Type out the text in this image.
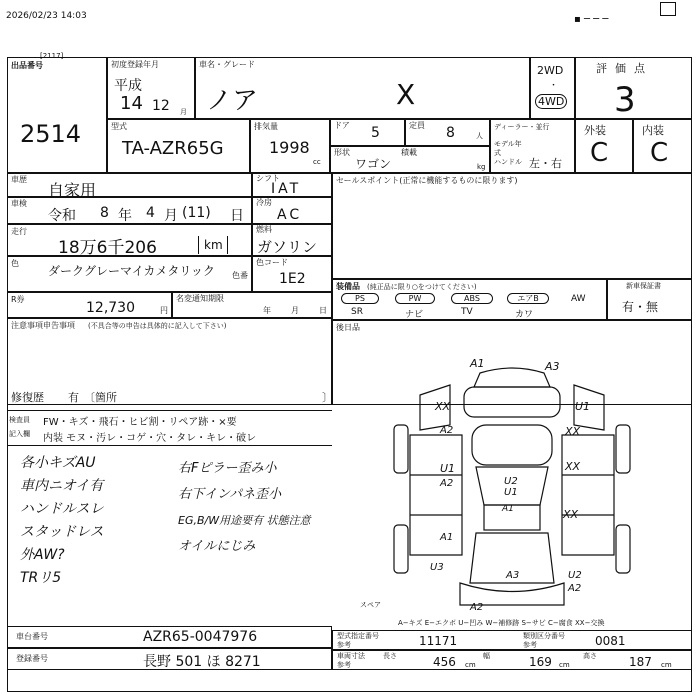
2026/02/23 14:03	▪ ─ ─ ─
出品番号
[2117]
2514
初度登録年月
平成
14 12 月
車名・グレード
ノア	X
2WD
・
4WD
評価点
3
型式
TA-AZR65G
排気量
1998
cc
ドア 5	定員 8	人
形状
ワゴン
積載
kg
ディーラー・並行
モデル年式
ハンドル 左・右
外装
C
内装
C
車歴
自家用
シフト
IAT
車検
令和 8 年 4 月 (11) 日
冷房
AC
走行
18万6千206	km
燃料
ガソリン
色
ダークグレーマイカメタリック	色番
色コード
1E2
R券
12,730	円
名変通知期限
年	月	日
注意事項申告事項 (不具合等の申告は具体的に記入して下さい)
修復歴 有 〔箇所	〕
セールスポイント(正常に機能するものに限ります)
装備品 (純正品に限り○をつけてください)
PS	PW	ABS	エアB	AW
SR	ナビ	TV	カワ
新車保証書
有・無
後日品
検査員
記入欄
FW・キズ・飛石・ヒビ割・リペア跡・×要
内装 モヌ・汚レ・コゲ・穴・タレ・キレ・破レ
各小キズAU
車内ニオイ有
ハンドルスレ
スタッドレス
外AW?
TRリ5
右Fピラー歪み小
右下インパネ歪小
EG,B/W用途要有 状態注意
オイルにじみ
スペア
A1	A3
XX	U1
A2	XX
XX
U1
A2	U2
U1
A1	XX
A1
U3
A3	U2
A2
A2
A−キズ E−エクボ U−凹み W−補修跡 S−サビ C−腐食 XX−交換
車台番号	AZR65-0047976
登録番号	長野 501 ほ 8271
型式指定番号
参考	11171	類別区分番号
参考	0081
車両寸法
参考
長さ	456 cm
幅	169 cm
高さ	187 cm
